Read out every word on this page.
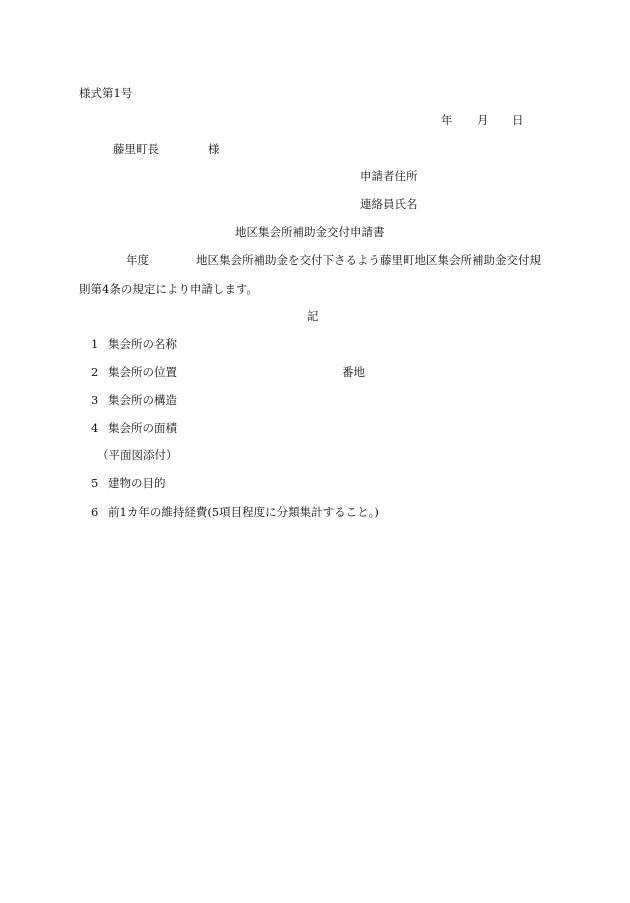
様式第1号
年 月 日
藤里町長	様
申請者住所
連絡員氏名
地区集会所補助金交付申請書
年度	地区集会所補助金を交付下さるよう藤里町地区集会所補助金交付規
則第4条の規定により申請します。
記
1 集会所の名称
2 集会所の位置	番地
3 集会所の構造
4 集会所の面積
（平面図添付）
5 建物の目的
6 前1カ年の維持経費(5項目程度に分類集計すること。)
